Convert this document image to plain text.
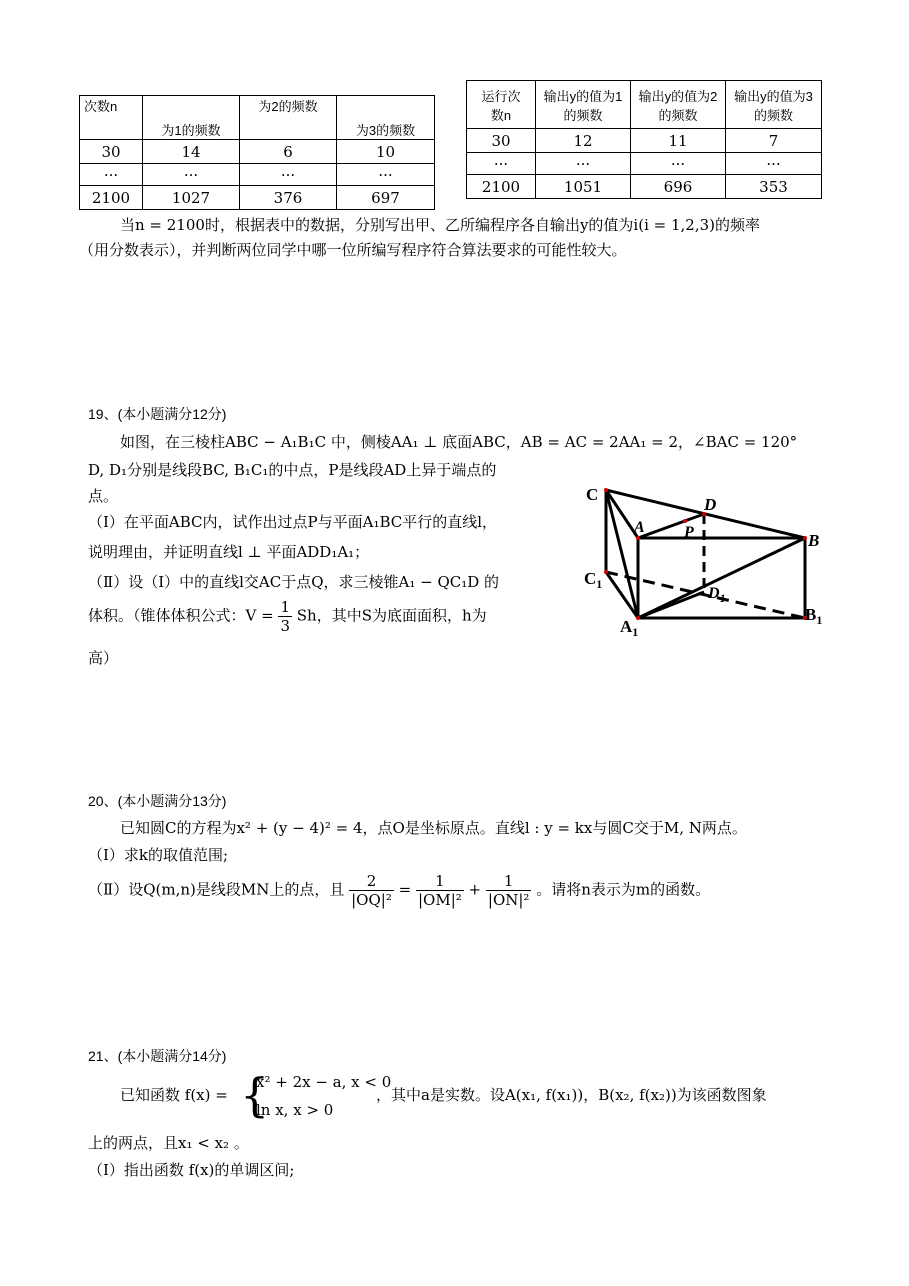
次数n	为1的频数	为2的频数	为3的频数
30	14	6	10
···	···	···	···
2100	1027	376	697
运行次数n	输出y的值为1的频数	输出y的值为2的频数	输出y的值为3的频数
30	12	11	7
···	···	···	···
2100	1051	696	353
当n = 2100时，根据表中的数据，分别写出甲、乙所编程序各自输出y的值为i(i = 1,2,3)的频率
（用分数表示），并判断两位同学中哪一位所编写程序符合算法要求的可能性较大。
19、(本小题满分12分)
如图，在三棱柱ABC − A₁B₁C 中，侧棱AA₁ ⊥ 底面ABC，AB = AC = 2AA₁ = 2，∠BAC = 120°
D, D₁分别是线段BC, B₁C₁的中点，P是线段AD上异于端点的
点。
（Ⅰ）在平面ABC内，试作出过点P与平面A₁BC平行的直线l，
说明理由，并证明直线l ⊥ 平面ADD₁A₁；
（Ⅱ）设（Ⅰ）中的直线l交AC于点Q，求三棱锥A₁ − QC₁D 的
体积。（锥体体积公式：$V = \frac{1}{3}$ Sh，其中S为底面面积，h为
高）
C
D
A P	B
$C_1$
$D_1$
$A_1$
$B_1$
20、(本小题满分13分)
已知圆C的方程为x² + (y − 4)² = 4，点O是坐标原点。直线l : y = kx与圆C交于M, N两点。
（Ⅰ）求k的取值范围;
（Ⅱ）设Q(m,n)是线段MN上的点，且 $\frac{2}{\text{|OQ|²}} = \frac{1}{\text{|OM|²}} + \frac{1}{\text{|ON|²}}$ 。请将n表示为m的函数。
21、(本小题满分14分)
已知函数 f(x) = {
x² + 2x − a, x < 0
ln x, x > 0
，其中a是实数。设A(x₁, f(x₁))，B(x₂, f(x₂))为该函数图象
上的两点，且x₁ < x₂ 。
（Ⅰ）指出函数 f(x)的单调区间;
